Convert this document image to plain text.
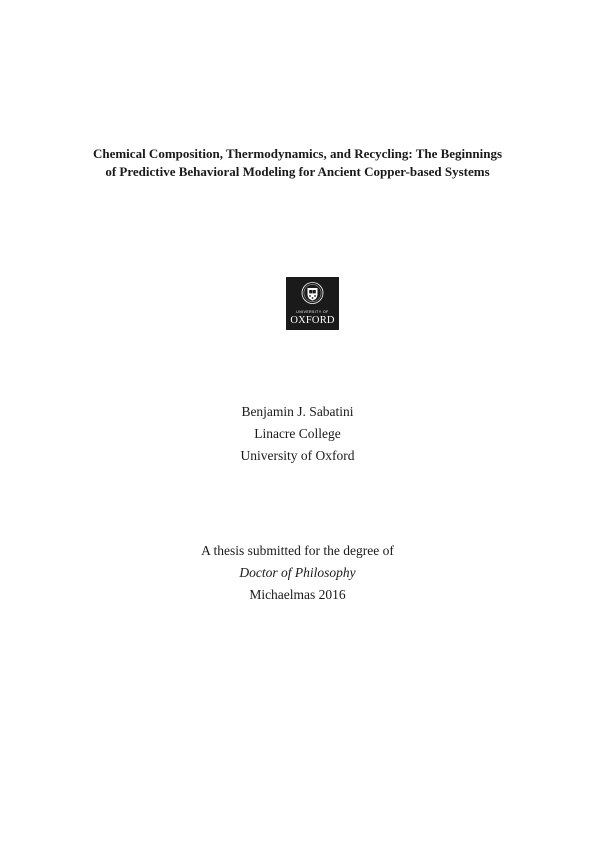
Chemical Composition, Thermodynamics, and Recycling: The Beginnings
of Predictive Behavioral Modeling for Ancient Copper-based Systems
UNIVERSITY OF
OXFORD
Benjamin J. Sabatini
Linacre College
University of Oxford
A thesis submitted for the degree of
Doctor of Philosophy
Michaelmas 2016
